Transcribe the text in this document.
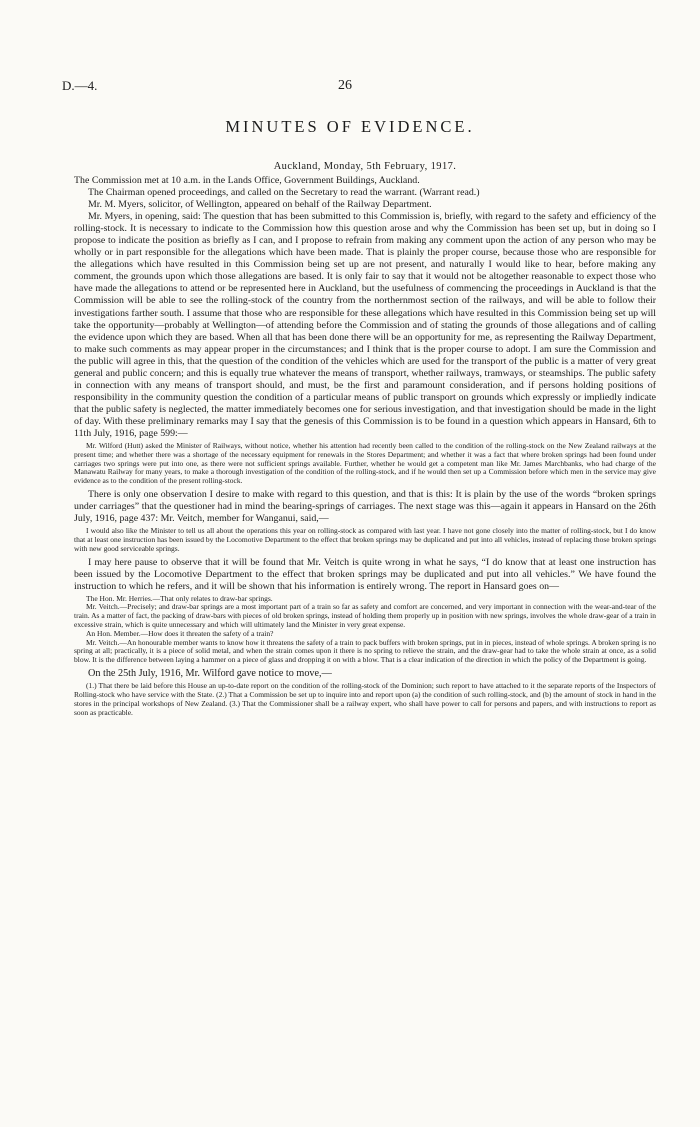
D.—4.	26
MINUTES OF EVIDENCE.
Auckland, Monday, 5th February, 1917.

The Commission met at 10 a.m. in the Lands Office, Government Buildings, Auckland.

The Chairman opened proceedings, and called on the Secretary to read the warrant. (Warrant read.)

Mr. M. Myers, solicitor, of Wellington, appeared on behalf of the Railway Department.

Mr. Myers, in opening, said: The question that has been submitted to this Commission is, briefly, with regard to the safety and efficiency of the rolling-stock. It is necessary to indicate to the Commission how this question arose and why the Commission has been set up, but in doing so I propose to indicate the position as briefly as I can, and I propose to refrain from making any comment upon the action of any person who may be wholly or in part responsible for the allegations which have been made. That is plainly the proper course, because those who are responsible for the allegations which have resulted in this Commission being set up are not present, and naturally I would like to hear, before making any comment, the grounds upon which those allegations are based. It is only fair to say that it would not be altogether reasonable to expect those who have made the allegations to attend or be represented here in Auckland, but the usefulness of commencing the proceedings in Auckland is that the Commission will be able to see the rolling-stock of the country from the northernmost section of the railways, and will be able to follow their investigations farther south. I assume that those who are responsible for these allegations which have resulted in this Commission being set up will take the opportunity—probably at Wellington—of attending before the Commission and of stating the grounds of those allegations and of calling the evidence upon which they are based. When all that has been done there will be an opportunity for me, as representing the Railway Department, to make such comments as may appear proper in the circumstances; and I think that is the proper course to adopt. I am sure the Commission and the public will agree in this, that the question of the condition of the vehicles which are used for the transport of the public is a matter of very great general and public concern; and this is equally true whatever the means of transport, whether railways, tramways, or steamships. The public safety in connection with any means of transport should, and must, be the first and paramount consideration, and if persons holding positions of responsibility in the community question the condition of a particular means of public transport on grounds which expressly or impliedly indicate that the public safety is neglected, the matter immediately becomes one for serious investigation, and that investigation should be made in the light of day. With these preliminary remarks may I say that the genesis of this Commission is to be found in a question which appears in Hansard, 6th to 11th July, 1916, page 599:—

Mr. Wilford (Hutt) asked the Minister of Railways, without notice, whether his attention had recently been called to the condition of the rolling-stock on the New Zealand railways at the present time; and whether there was a shortage of the necessary equipment for renewals in the Stores Department; and whether it was a fact that where broken springs had been found under carriages two springs were put into one, as there were not sufficient springs available. Further, whether he would get a competent man like Mr. James Marchbanks, who had charge of the Manawatu Railway for many years, to make a thorough investigation of the condition of the rolling-stock, and if he would then set up a Commission before which men in the service may give evidence as to the condition of the present rolling-stock.

There is only one observation I desire to make with regard to this question, and that is this: It is plain by the use of the words “broken springs under carriages” that the questioner had in mind the bearing-springs of carriages. The next stage was this—again it appears in Hansard on the 26th July, 1916, page 437: Mr. Veitch, member for Wanganui, said,—

I would also like the Minister to tell us all about the operations this year on rolling-stock as compared with last year. I have not gone closely into the matter of rolling-stock, but I do know that at least one instruction has been issued by the Locomotive Department to the effect that broken springs may be duplicated and put into all vehicles, instead of replacing those broken springs with new good serviceable springs.

I may here pause to observe that it will be found that Mr. Veitch is quite wrong in what he says, “I do know that at least one instruction has been issued by the Locomotive Department to the effect that broken springs may be duplicated and put into all vehicles.” We have found the instruction to which he refers, and it will be shown that his information is entirely wrong. The report in Hansard goes on—

The Hon. Mr. Herries.—That only relates to draw-bar springs.

Mr. Veitch.—Precisely; and draw-bar springs are a most important part of a train so far as safety and comfort are concerned, and very important in connection with the wear-and-tear of the train. As a matter of fact, the packing of draw-bars with pieces of old broken springs, instead of holding them properly up in position with new springs, involves the whole draw-gear of a train in excessive strain, which is quite unnecessary and which will ultimately land the Minister in very great expense.

An Hon. Member.—How does it threaten the safety of a train?

Mr. Veitch.—An honourable member wants to know how it threatens the safety of a train to pack buffers with broken springs, put in in pieces, instead of whole springs. A broken spring is no spring at all; practically, it is a piece of solid metal, and when the strain comes upon it there is no spring to relieve the strain, and the draw-gear had to take the whole strain at once, as a solid blow. It is the difference between laying a hammer on a piece of glass and dropping it on with a blow. That is a clear indication of the direction in which the policy of the Department is going.

On the 25th July, 1916, Mr. Wilford gave notice to move,—

(1.) That there be laid before this House an up-to-date report on the condition of the rolling-stock of the Dominion; such report to have attached to it the separate reports of the Inspectors of Rolling-stock who have service with the State. (2.) That a Commission be set up to inquire into and report upon (a) the condition of such rolling-stock, and (b) the amount of stock in hand in the stores in the principal workshops of New Zealand. (3.) That the Commissioner shall be a railway expert, who shall have power to call for persons and papers, and with instructions to report as soon as practicable.
